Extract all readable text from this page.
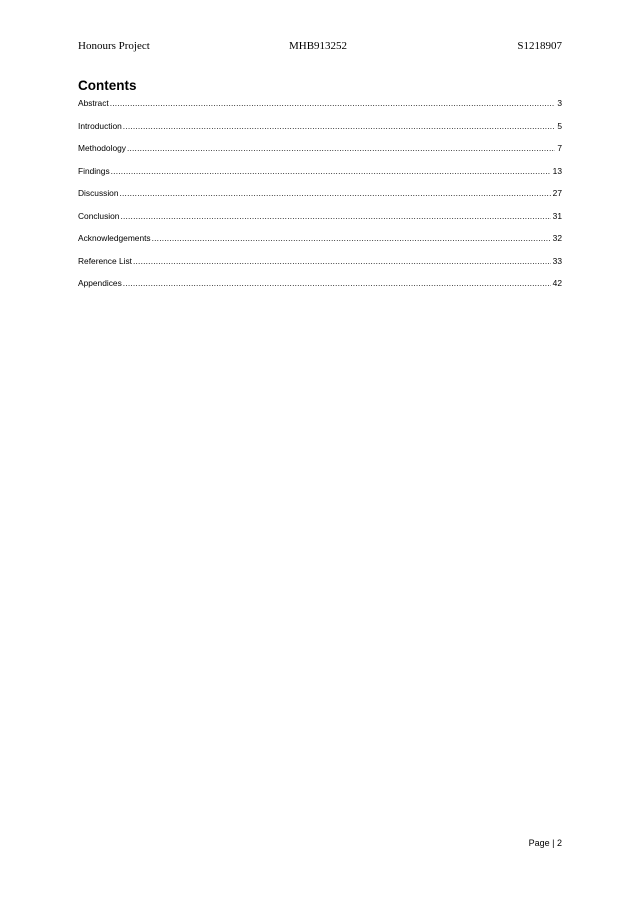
Honours Project	MHB913252	S1218907
Contents
Abstract .....	3
Introduction .....	5
Methodology .....	7
Findings .....	13
Discussion .....	27
Conclusion .....	31
Acknowledgements .....	32
Reference List .....	33
Appendices .....	42
Page | 2
